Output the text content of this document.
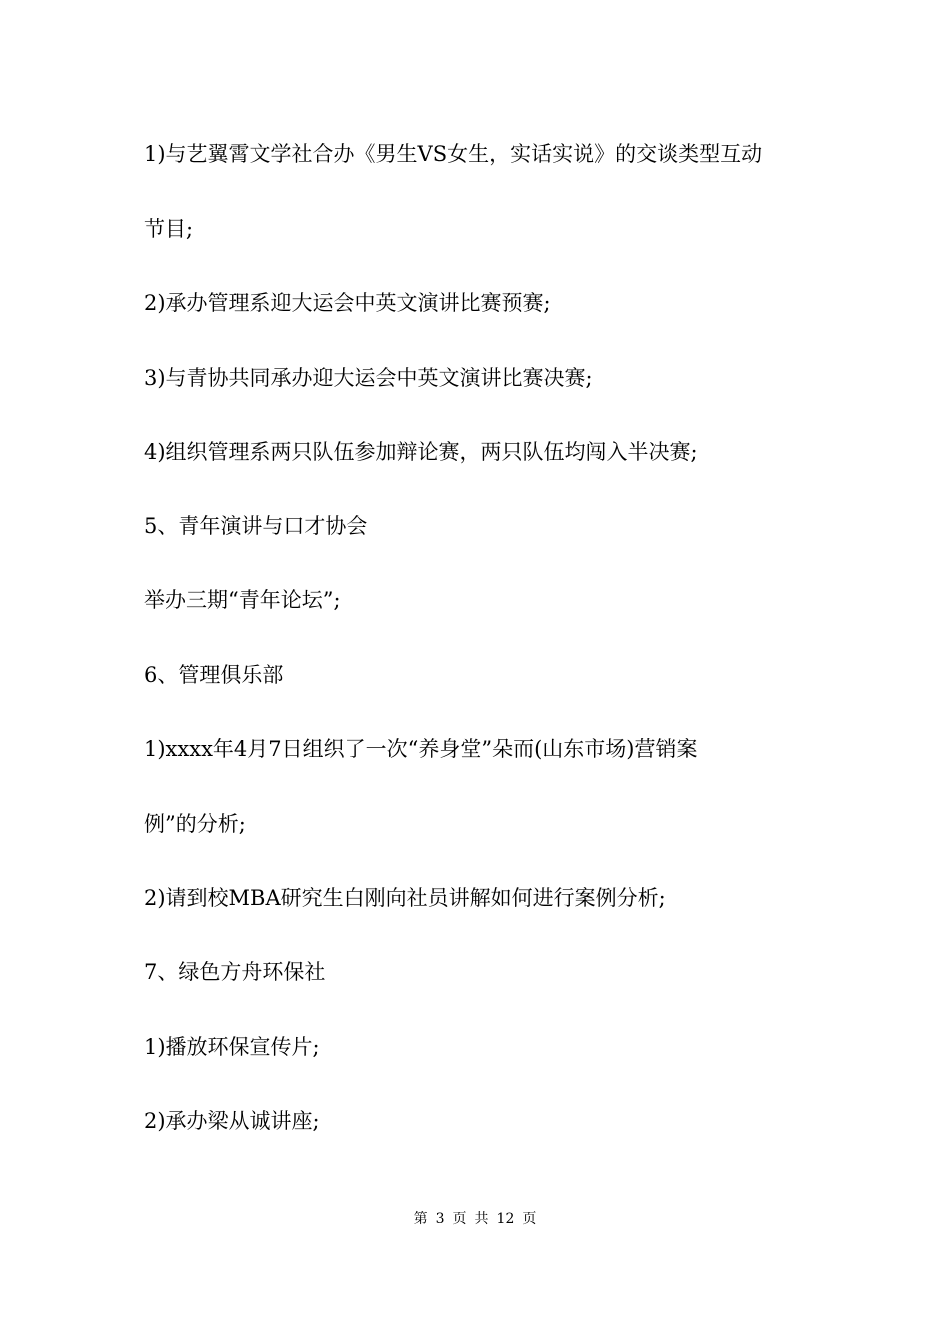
1)与艺翼霄文学社合办《男生VS女生，实话实说》的交谈类型互动

节目;

2)承办管理系迎大运会中英文演讲比赛预赛;

3)与青协共同承办迎大运会中英文演讲比赛决赛;

4)组织管理系两只队伍参加辩论赛，两只队伍均闯入半决赛;

5、青年演讲与口才协会

举办三期“青年论坛”;

6、管理俱乐部

1)xxxx年4月7日组织了一次“养身堂”朵而(山东市场)营销案

例”的分析;

2)请到校MBA研究生白刚向社员讲解如何进行案例分析;

7、绿色方舟环保社

1)播放环保宣传片;

2)承办梁从诚讲座;

第 3 页 共 12 页
